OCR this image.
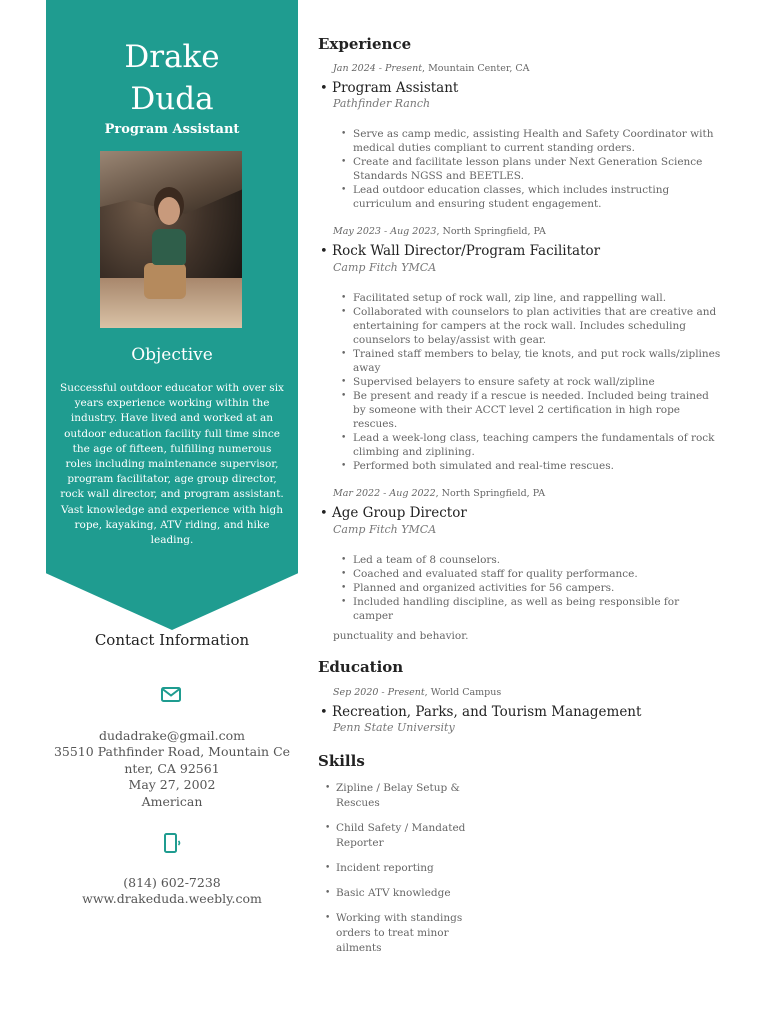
Drake
Duda
Program Assistant
Objective
Successful outdoor educator with over six years experience working within the industry. Have lived and worked at an outdoor education facility full time since the age of fifteen, fulfilling numerous roles including maintenance supervisor, program facilitator, age group director, rock wall director, and program assistant. Vast knowledge and experience with high rope, kayaking, ATV riding, and hike leading.
Contact Information
dudadrake@gmail.com
35510 Pathfinder Road, Mountain Ce
nter, CA 92561
May 27, 2002
American
(814) 602-7238
www.drakeduda.weebly.com
Experience
Jan 2024 - Present, Mountain Center, CA
• Program Assistant
Pathfinder Ranch
• Serve as camp medic, assisting Health and Safety Coordinator with medical duties compliant to current standing orders.
• Create and facilitate lesson plans under Next Generation Science Standards NGSS and BEETLES.
• Lead outdoor education classes, which includes instructing curriculum and ensuring student engagement.
May 2023 - Aug 2023, North Springfield, PA
• Rock Wall Director/Program Facilitator
Camp Fitch YMCA
• Facilitated setup of rock wall, zip line, and rappelling wall.
• Collaborated with counselors to plan activities that are creative and entertaining for campers at the rock wall. Includes scheduling counselors to belay/assist with gear.
• Trained staff members to belay, tie knots, and put rock walls/ziplines away
• Supervised belayers to ensure safety at rock wall/zipline
• Be present and ready if a rescue is needed. Included being trained by someone with their ACCT level 2 certification in high rope rescues.
• Lead a week-long class, teaching campers the fundamentals of rock climbing and ziplining.
• Performed both simulated and real-time rescues.
Mar 2022 - Aug 2022, North Springfield, PA
• Age Group Director
Camp Fitch YMCA
• Led a team of 8 counselors.
• Coached and evaluated staff for quality performance.
• Planned and organized activities for 56 campers.
• Included handling discipline, as well as being responsible for camper
punctuality and behavior.
Education
Sep 2020 - Present, World Campus
• Recreation, Parks, and Tourism Management
Penn State University
Skills
• Zipline / Belay Setup & Rescues
• Child Safety / Mandated Reporter
• Incident reporting
• Basic ATV knowledge
• Working with standings orders to treat minor ailments
